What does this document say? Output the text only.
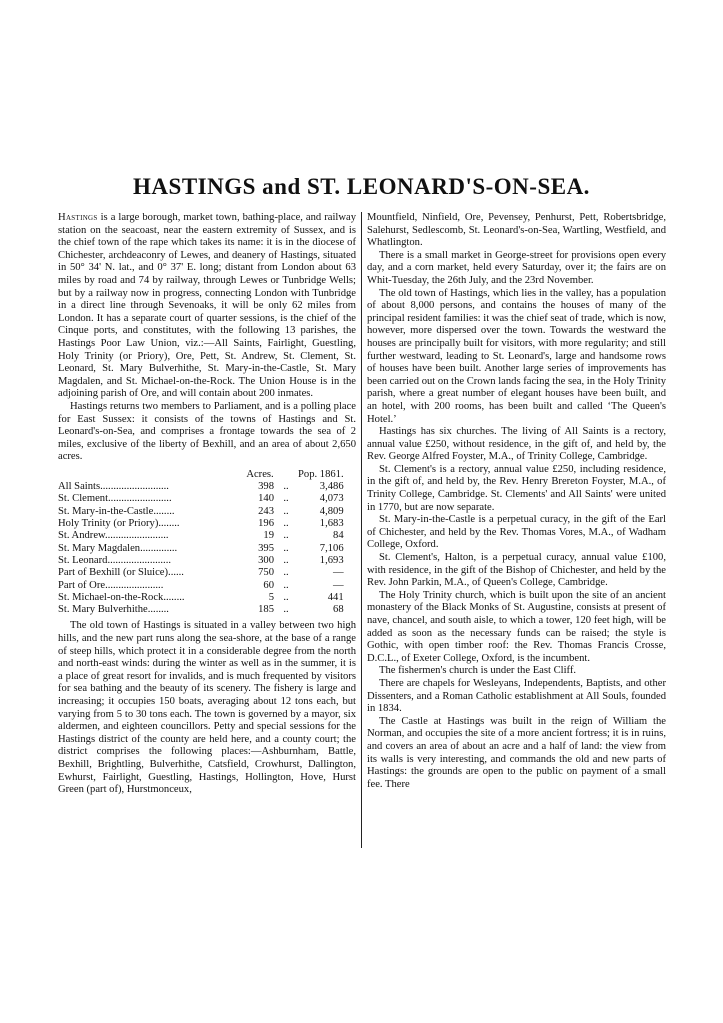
HASTINGS and ST. LEONARD'S-ON-SEA.

Hastings is a large borough, market town, bathing-place, and railway station on the seacoast, near the eastern extremity of Sussex, and is the chief town of the rape which takes its name: it is in the diocese of Chichester, archdeaconry of Lewes, and deanery of Hastings, situated in 50° 34' N. lat., and 0° 37' E. long; distant from London about 63 miles by road and 74 by railway, through Lewes or Tunbridge Wells; but by a railway now in progress, connecting London with Tunbridge in a direct line through Sevenoaks, it will be only 62 miles from London. It has a separate court of quarter sessions, is the chief of the Cinque ports, and constitutes, with the following 13 parishes, the Hastings Poor Law Union, viz.:—All Saints, Fairlight, Guestling, Holy Trinity (or Priory), Ore, Pett, St. Andrew, St. Clement, St. Leonard, St. Mary Bulverhithe, St. Mary-in-the-Castle, St. Mary Magdalen, and St. Michael-on-the-Rock. The Union House is in the adjoining parish of Ore, and will contain about 200 inmates.

Hastings returns two members to Parliament, and is a polling place for East Sussex: it consists of the towns of Hastings and St. Leonard's-on-Sea, and comprises a frontage towards the sea of 2 miles, exclusive of the liberty of Bexhill, and an area of about 2,650 acres.

	Acres.		Pop. 1861.
All Saints..........................	398	..	3,486
St. Clement........................	140	..	4,073
St. Mary-in-the-Castle........	243	..	4,809
Holy Trinity (or Priory)........	196	..	1,683
St. Andrew........................	19	..	84
St. Mary Magdalen..............	395	..	7,106
St. Leonard........................	300	..	1,693
Part of Bexhill (or Sluice)......	750	..	—
Part of Ore......................	60	..	—
St. Michael-on-the-Rock........	5	..	441
St. Mary Bulverhithe........	185	..	68

The old town of Hastings is situated in a valley between two high hills, and the new part runs along the sea-shore, at the base of a range of steep hills, which protect it in a considerable degree from the north and north-east winds: during the winter as well as in the summer, it is a place of great resort for invalids, and is much frequented by visitors for sea bathing and the beauty of its scenery. The fishery is large and increasing; it occupies 150 boats, averaging about 12 tons each, but varying from 5 to 30 tons each. The town is governed by a mayor, six aldermen, and eighteen councillors. Petty and special sessions for the Hastings district of the county are held here, and a county court; the district comprises the following places:—Ashburnham, Battle, Bexhill, Brightling, Bulverhithe, Catsfield, Crowhurst, Dallington, Ewhurst, Fairlight, Guestling, Hastings, Hollington, Hove, Hurst Green (part of), Hurstmonceux,

Mountfield, Ninfield, Ore, Pevensey, Penhurst, Pett, Robertsbridge, Salehurst, Sedlescomb, St. Leonard's-on-Sea, Wartling, Westfield, and Whatlington.

There is a small market in George-street for provisions open every day, and a corn market, held every Saturday, over it; the fairs are on Whit-Tuesday, the 26th July, and the 23rd November.

The old town of Hastings, which lies in the valley, has a population of about 8,000 persons, and contains the houses of many of the principal resident families: it was the chief seat of trade, which is now, however, more dispersed over the town. Towards the westward the houses are principally built for visitors, with more regularity; and still further westward, leading to St. Leonard's, large and handsome rows of houses have been built. Another large series of improvements has been carried out on the Crown lands facing the sea, in the Holy Trinity parish, where a great number of elegant houses have been built, and an hotel, with 200 rooms, has been built and called ‘The Queen's Hotel.’

Hastings has six churches. The living of All Saints is a rectory, annual value £250, without residence, in the gift of, and held by, the Rev. George Alfred Foyster, M.A., of Trinity College, Cambridge.

St. Clement's is a rectory, annual value £250, including residence, in the gift of, and held by, the Rev. Henry Brereton Foyster, M.A., of Trinity College, Cambridge. St. Clements' and All Saints' were united in 1770, but are now separate.

St. Mary-in-the-Castle is a perpetual curacy, in the gift of the Earl of Chichester, and held by the Rev. Thomas Vores, M.A., of Wadham College, Oxford.

St. Clement's, Halton, is a perpetual curacy, annual value £100, with residence, in the gift of the Bishop of Chichester, and held by the Rev. John Parkin, M.A., of Queen's College, Cambridge.

The Holy Trinity church, which is built upon the site of an ancient monastery of the Black Monks of St. Augustine, consists at present of nave, chancel, and south aisle, to which a tower, 120 feet high, will be added as soon as the necessary funds can be raised; the style is Gothic, with open timber roof: the Rev. Thomas Francis Crosse, D.C.L., of Exeter College, Oxford, is the incumbent.

The fishermen's church is under the East Cliff.

There are chapels for Wesleyans, Independents, Baptists, and other Dissenters, and a Roman Catholic establishment at All Souls, founded in 1834.

The Castle at Hastings was built in the reign of William the Norman, and occupies the site of a more ancient fortress; it is in ruins, and covers an area of about an acre and a half of land: the view from its walls is very interesting, and commands the old and new parts of Hastings: the grounds are open to the public on payment of a small fee. There
